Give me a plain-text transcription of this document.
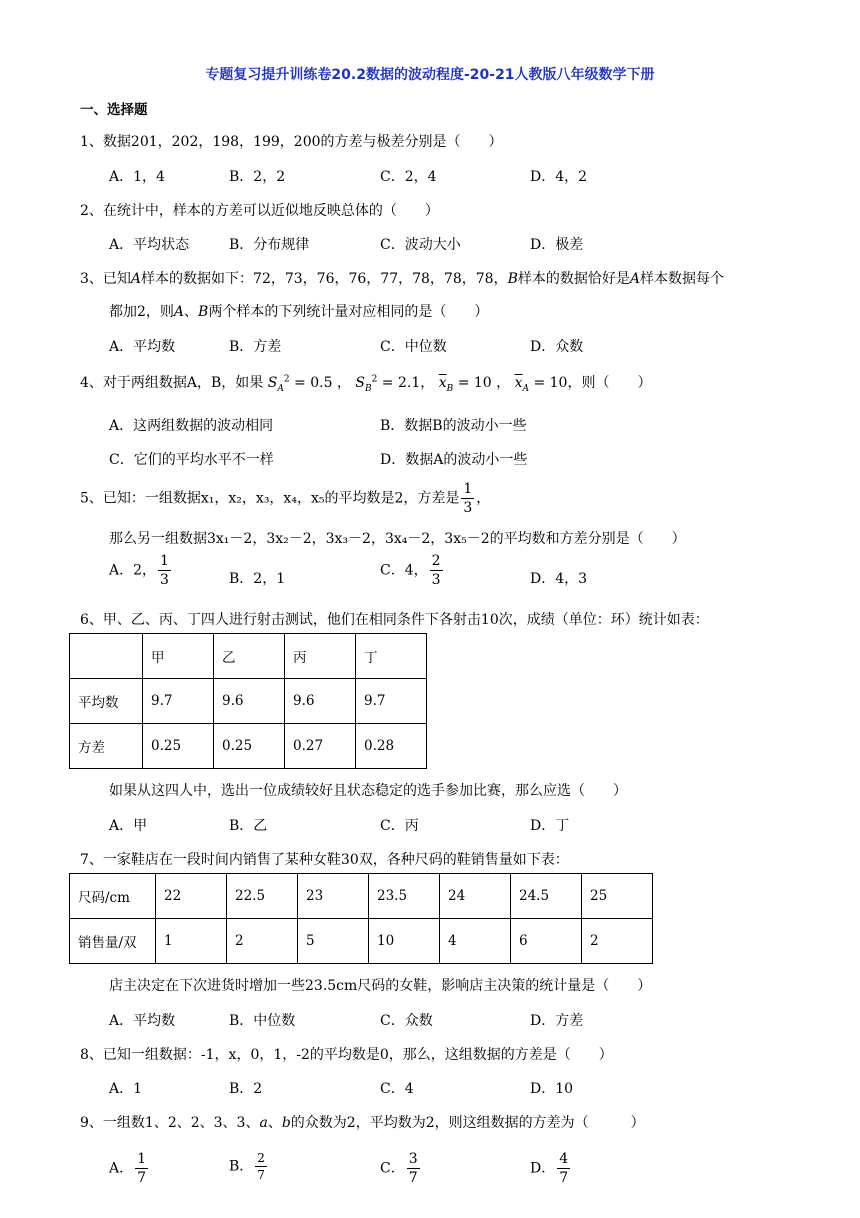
专题复习提升训练卷20.2数据的波动程度-20-21人教版八年级数学下册
一、选择题
1、数据201，202，198，199，200的方差与极差分别是（　　）
A．1，4	B．2，2	C．2，4	D．4，2
2、在统计中，样本的方差可以近似地反映总体的（　　）
A．平均状态	B．分布规律	C．波动大小	D．极差
3、已知A样本的数据如下：72，73，76，76，77，78，78，78，B样本的数据恰好是A样本数据每个
都加2，则A、B两个样本的下列统计量对应相同的是（　　）
A．平均数	B．方差	C．中位数	D．众数
4、对于两组数据A，B，如果 $S_A^2 = 0.5$ ， $S_B^2 = 2.1$， $\overline{x}_B = 10$ ， $\overline{x}_A = 10$，则（　　）
A．这两组数据的波动相同	B．数据B的波动小一些
C．它们的平均水平不一样	D．数据A的波动小一些
5、已知：一组数据x₁，x₂，x₃，x₄，x₅的平均数是2，方差是 $\frac{1}{3}$ ，
那么另一组数据3x₁－2，3x₂－2，3x₃－2，3x₄－2，3x₅－2的平均数和方差分别是（　　）
A．2， $\frac{1}{3}$	B．2，1
C．4， $\frac{2}{3}$	D．4，3
6、甲、乙、丙、丁四人进行射击测试，他们在相同条件下各射击10次，成绩（单位：环）统计如表：
	甲	乙	丙	丁
平均数	9.7	9.6	9.6	9.7
方差	0.25	0.25	0.27	0.28
如果从这四人中，选出一位成绩较好且状态稳定的选手参加比赛，那么应选（　　）
A．甲	B．乙	C．丙	D．丁
7、一家鞋店在一段时间内销售了某种女鞋30双，各种尺码的鞋销售量如下表：
尺码/cm	22	22.5	23	23.5	24	24.5	25
销售量/双	1	2	5	10	4	6	2
店主决定在下次进货时增加一些23.5cm尺码的女鞋，影响店主决策的统计量是（　　）
A．平均数	B．中位数	C．众数	D．方差
8、已知一组数据：-1，x，0，1，-2的平均数是0，那么，这组数据的方差是（　　）
A．1	B．2	C．4	D．10
9、一组数1、2、2、3、3、a、b的众数为2，平均数为2，则这组数据的方差为（　　　）
A． $\frac{1}{7}$	B． $\frac{2}{7}$	C． $\frac{3}{7}$	D． $\frac{4}{7}$
